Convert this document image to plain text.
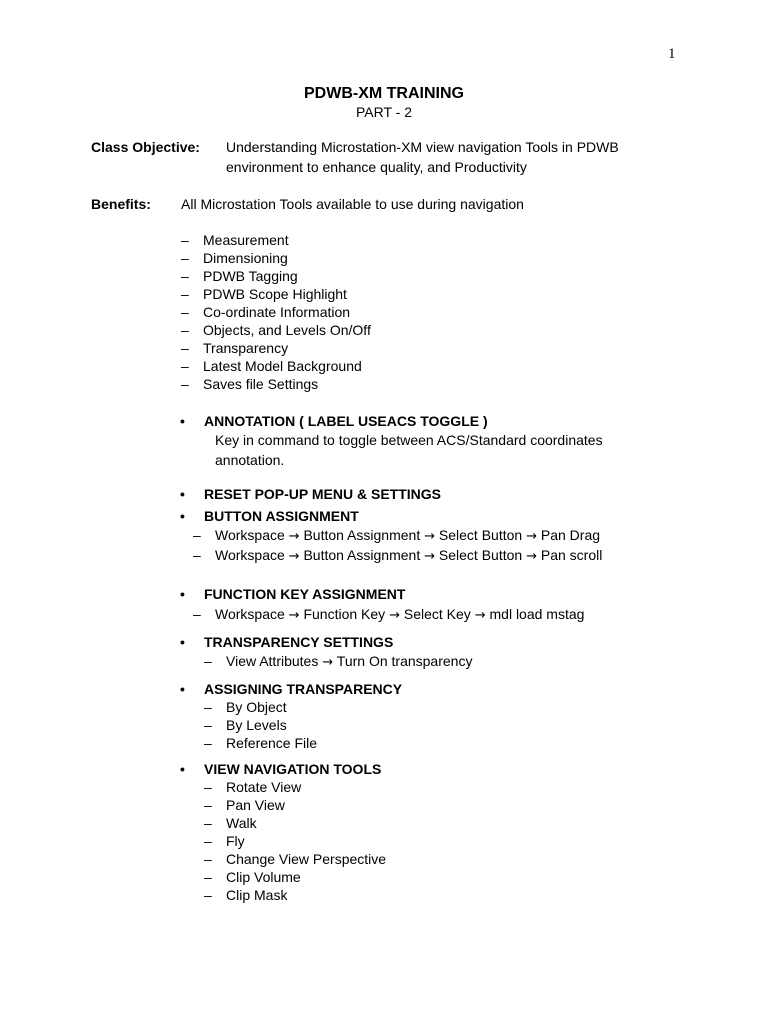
1
PDWB-XM TRAINING
PART - 2
Class Objective: Understanding Microstation-XM view navigation Tools in PDWB
environment to enhance quality, and Productivity
Benefits: All Microstation Tools available to use during navigation
– Measurement
– Dimensioning
– PDWB Tagging
– PDWB Scope Highlight
– Co-ordinate Information
– Objects, and Levels On/Off
– Transparency
– Latest Model Background
– Saves file Settings
• ANNOTATION ( LABEL USEACS TOGGLE )
Key in command to toggle between ACS/Standard coordinates
annotation.
• RESET POP-UP MENU & SETTINGS
• BUTTON ASSIGNMENT
– Workspace → Button Assignment → Select Button → Pan Drag
– Workspace → Button Assignment → Select Button → Pan scroll
• FUNCTION KEY ASSIGNMENT
– Workspace → Function Key → Select Key → mdl load mstag
• TRANSPARENCY SETTINGS
– View Attributes → Turn On transparency
• ASSIGNING TRANSPARENCY
– By Object
– By Levels
– Reference File
• VIEW NAVIGATION TOOLS
– Rotate View
– Pan View
– Walk
– Fly
– Change View Perspective
– Clip Volume
– Clip Mask
